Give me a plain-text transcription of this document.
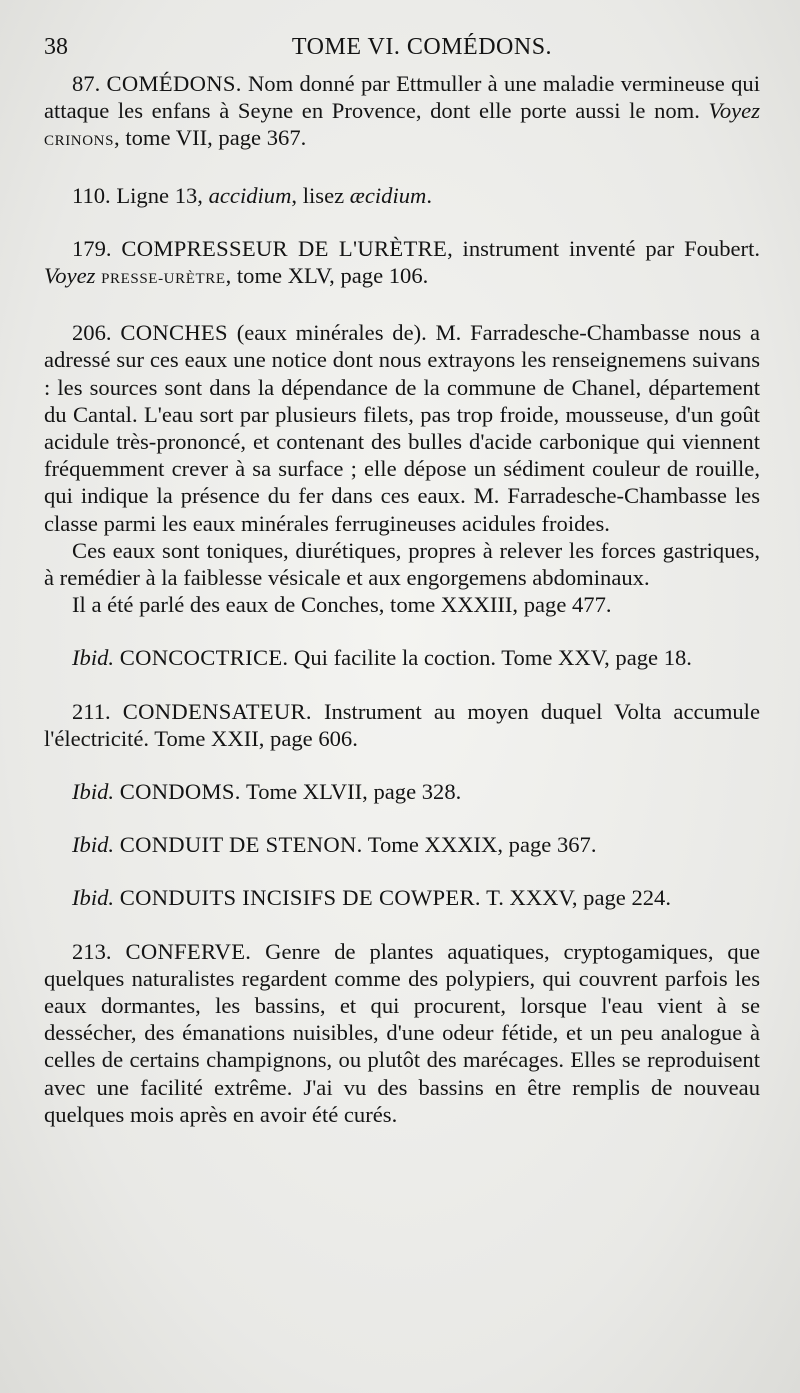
38	TOME VI. COMÉDONS.

87. COMÉDONS. Nom donné par Ettmuller à une maladie vermineuse qui attaque les enfans à Seyne en Provence, dont elle porte aussi le nom. Voyez CRINONS, tome VII, page 367.

110. Ligne 13, accidium, lisez æcidium.

179. COMPRESSEUR DE L'URÈTRE, instrument inventé par Foubert. Voyez PRESSE-URÈTRE, tome XLV, page 106.

206. CONCHES (eaux minérales de). M. Farradesche-Chambasse nous a adressé sur ces eaux une notice dont nous extrayons les renseignemens suivans : les sources sont dans la dépendance de la commune de Chanel, département du Cantal. L'eau sort par plusieurs filets, pas trop froide, mousseuse, d'un goût acidule très-prononcé, et contenant des bulles d'acide carbonique qui viennent fréquemment crever à sa surface ; elle dépose un sédiment couleur de rouille, qui indique la présence du fer dans ces eaux. M. Farradesche-Chambasse les classe parmi les eaux minérales ferrugineuses acidules froides.

Ces eaux sont toniques, diurétiques, propres à relever les forces gastriques, à remédier à la faiblesse vésicale et aux engorgemens abdominaux.

Il a été parlé des eaux de Conches, tome XXXIII, page 477.

Ibid. CONCOCTRICE. Qui facilite la coction. Tome XXV, page 18.

211. CONDENSATEUR. Instrument au moyen duquel Volta accumule l'électricité. Tome XXII, page 606.

Ibid. CONDOMS. Tome XLVII, page 328.

Ibid. CONDUIT DE STENON. Tome XXXIX, page 367.

Ibid. CONDUITS INCISIFS DE COWPER. T. XXXV, page 224.

213. CONFERVE. Genre de plantes aquatiques, cryptogamiques, que quelques naturalistes regardent comme des polypiers, qui couvrent parfois les eaux dormantes, les bassins, et qui procurent, lorsque l'eau vient à se dessécher, des émanations nuisibles, d'une odeur fétide, et un peu analogue à celles de certains champignons, ou plutôt des marécages. Elles se reproduisent avec une facilité extrême. J'ai vu des bassins en être remplis de nouveau quelques mois après en avoir été curés.
